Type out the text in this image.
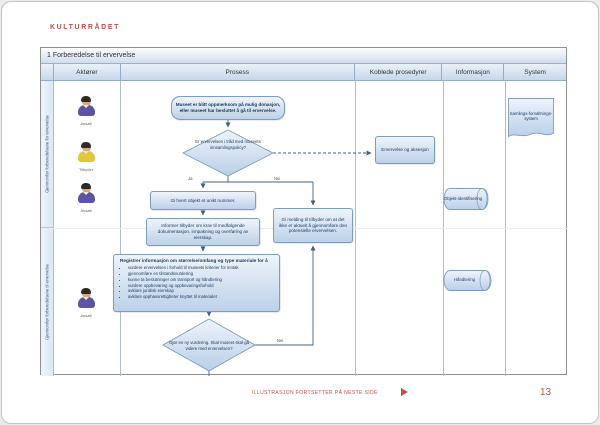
KULTURRÅDET
1 Forberedelse til ervervelse
Aktører	Prosess	Koblede prosedyrer	Informasjon	System
Gjennomfør forberedelsene for ervervelse
Gjennomfør forberedelsene til ervervelse
Ansatt
Tilbyder
Ansatt
Ansatt
Museet er blitt oppmerksom på mulig donasjon, eller museet har besluttet å gå til ervervelse.
Er ervervelsen i tråd med museets innsamlingspolicy?
Ja	Nei
Gi hvert objekt et unikt nummer.
Informer tilbyder om krav til medfølgende dokumentasjon, innpakning og overføring av eierskap.
Gi melding til tilbyder om at det ikke er aktuelt å gjennomføre den potensielle ervervelsen.
Registrer informasjon om størrelse/omfang og type materiale for å
• vurdere ervervelsen i forhold til museets kriterier for inntak
• gjennomføre en tilstandsvurdering
• kunne ta beslutninger om transport og håndtering
• vurdere oppbevaring og oppbevaringsforhold
• avklare juridisk eierskap
• avklare opphavsrettigheter knyttet til materialet
Gjør en ny vurdering. Skal museet skal gå videre med ervervelsen?
Nei
Ervervelse og aksesjon
Objekt-identifisering
Håndtering
Samlings-forvaltnings-system
ILLUSTRASJON FORTSETTER PÅ NESTE SIDE	13
